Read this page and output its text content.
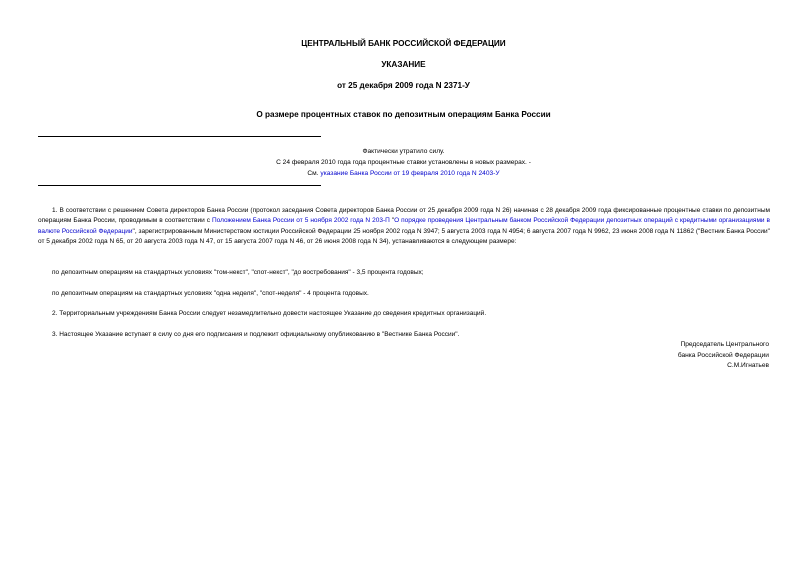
ЦЕНТРАЛЬНЫЙ БАНК РОССИЙСКОЙ ФЕДЕРАЦИИ
УКАЗАНИЕ
от 25 декабря 2009 года N 2371-У
О размере процентных ставок по депозитным операциям Банка России
Фактически утратило силу.
С 24 февраля 2010 года года процентные ставки установлены в новых размерах. -
См. указание Банка России от 19 февраля 2010 года N 2403-У
1. В соответствии с решением Совета директоров Банка России (протокол заседания Совета директоров Банка России от 25 декабря 2009 года N 26) начиная с 28 декабря 2009 года фиксированные процентные ставки по депозитным операциям Банка России, проводимым в соответствии с Положением Банка России от 5 ноября 2002 года N 203-П "О порядке проведения Центральным банком Российской Федерации депозитных операций с кредитными организациями в валюте Российской Федерации", зарегистрированным Министерством юстиции Российской Федерации 25 ноября 2002 года N 3947; 5 августа 2003 года N 4954; 6 августа 2007 года N 9962, 23 июня 2008 года N 11862 ("Вестник Банка России" от 5 декабря 2002 года N 65, от 20 августа 2003 года N 47, от 15 августа 2007 года N 46, от 26 июня 2008 года N 34), устанавливаются в следующем размере:
по депозитным операциям на стандартных условиях "том-некст", "спот-некст", "до востребования" - 3,5 процента годовых;
по депозитным операциям на стандартных условиях "одна неделя", "спот-неделя" - 4 процента годовых.
2. Территориальным учреждениям Банка России следует незамедлительно довести настоящее Указание до сведения кредитных организаций.
3. Настоящее Указание вступает в силу со дня его подписания и подлежит официальному опубликованию в "Вестнике Банка России".
Председатель Центрального
банка Российской Федерации
С.М.Игнатьев
